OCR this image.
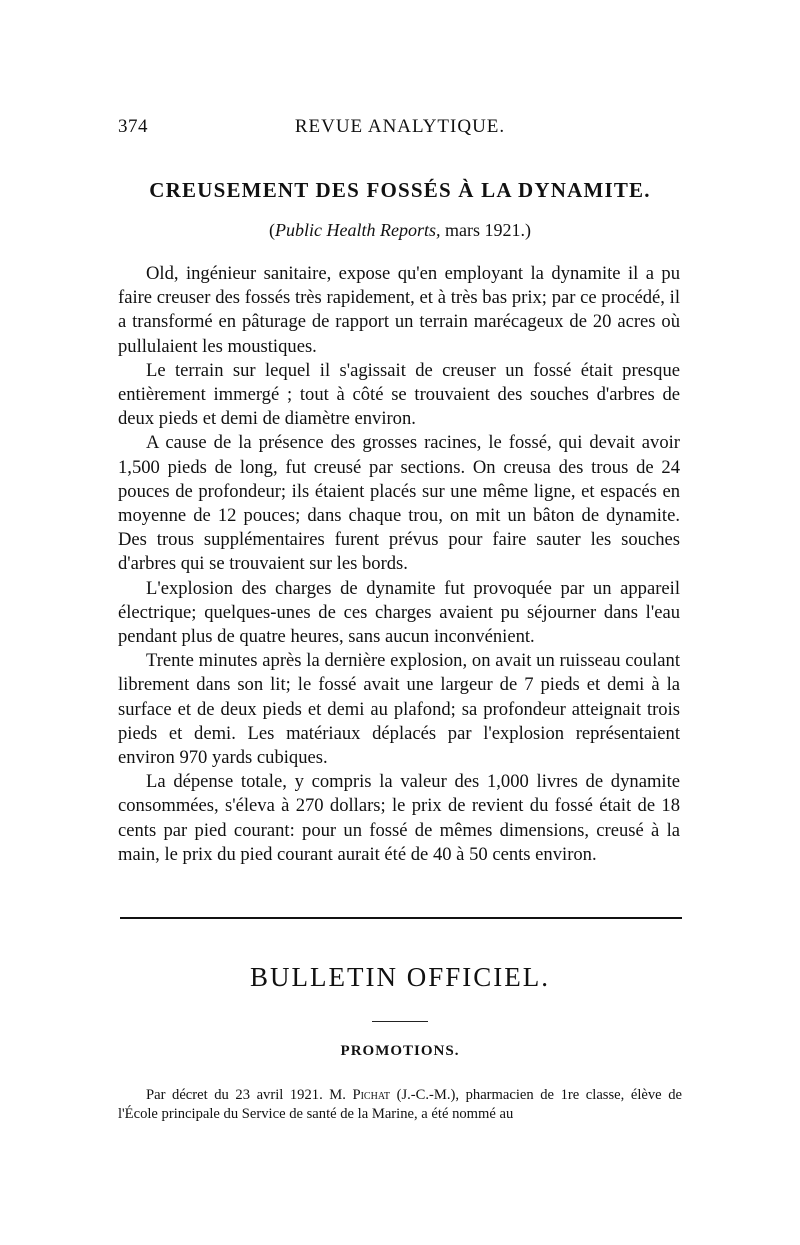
374	REVUE ANALYTIQUE.
CREUSEMENT DES FOSSÉS À LA DYNAMITE.
(Public Health Reports, mars 1921.)

Old, ingénieur sanitaire, expose qu'en employant la dynamite il a pu faire creuser des fossés très rapidement, et à très bas prix; par ce procédé, il a transformé en pâturage de rapport un terrain marécageux de 20 acres où pullulaient les moustiques.

Le terrain sur lequel il s'agissait de creuser un fossé était presque entièrement immergé ; tout à côté se trouvaient des souches d'arbres de deux pieds et demi de diamètre environ.

A cause de la présence des grosses racines, le fossé, qui devait avoir 1,500 pieds de long, fut creusé par sections. On creusa des trous de 24 pouces de profondeur; ils étaient placés sur une même ligne, et espacés en moyenne de 12 pouces; dans chaque trou, on mit un bâton de dynamite. Des trous supplémentaires furent prévus pour faire sauter les souches d'arbres qui se trouvaient sur les bords.

L'explosion des charges de dynamite fut provoquée par un appareil électrique; quelques-unes de ces charges avaient pu séjourner dans l'eau pendant plus de quatre heures, sans aucun inconvénient.

Trente minutes après la dernière explosion, on avait un ruisseau coulant librement dans son lit; le fossé avait une largeur de 7 pieds et demi à la surface et de deux pieds et demi au plafond; sa profondeur atteignait trois pieds et demi. Les matériaux déplacés par l'explosion représentaient environ 970 yards cubiques.

La dépense totale, y compris la valeur des 1,000 livres de dynamite consommées, s'éleva à 270 dollars; le prix de revient du fossé était de 18 cents par pied courant: pour un fossé de mêmes dimensions, creusé à la main, le prix du pied courant aurait été de 40 à 50 cents environ.

BULLETIN OFFICIEL.
PROMOTIONS.

Par décret du 23 avril 1921. M. Pichat (J.-C.-M.), pharmacien de 1re classe, élève de l'École principale du Service de santé de la Marine, a été nommé au
